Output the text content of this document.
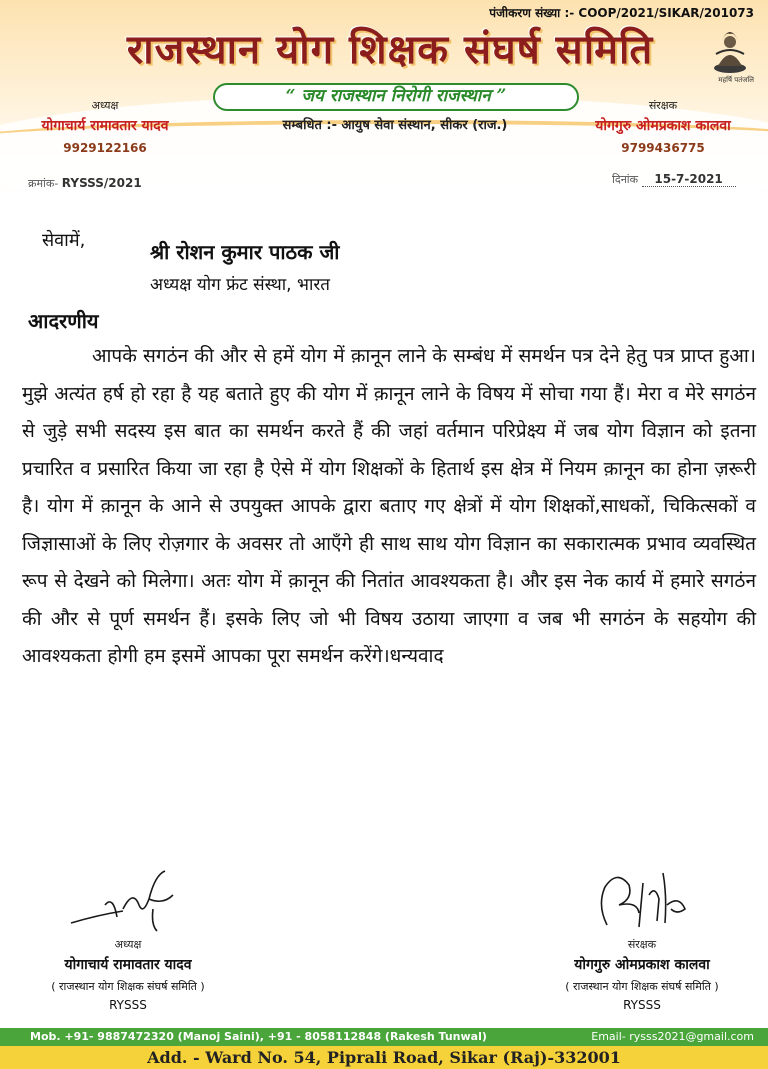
पंजीकरण संख्या :- COOP/2021/SIKAR/201073
राजस्थान योग शिक्षक संघर्ष समिति
महर्षि पतंजलि
“ जय राजस्थान निरोगी राजस्थान ”
सम्बधित :- आयुष सेवा संस्थान, सीकर (राज.)
अध्यक्ष
योगाचार्य रामावतार यादव
9929122166
संरक्षक
योगगुरु ओमप्रकाश कालवा
9799436775
क्रमांक- RYSSS/2021	दिनांक 15-7-2021
सेवामें,	श्री रोशन कुमार पाठक जी
अध्यक्ष योग फ्रंट संस्था, भारत
आदरणीय
आपके सगठंन की और से हमें योग में क़ानून लाने के सम्बंध में समर्थन पत्र देने हेतु पत्र प्राप्त हुआ। मुझे अत्यंत हर्ष हो रहा है यह बताते हुए की योग में क़ानून लाने के विषय में सोचा गया हैं। मेरा व मेरे सगठंन से जुड़े सभी सदस्य इस बात का समर्थन करते हैं की जहां वर्तमान परिप्रेक्ष्य में जब योग विज्ञान को इतना प्रचारित व प्रसारित किया जा रहा है ऐसे में योग शिक्षकों के हितार्थ इस क्षेत्र में नियम क़ानून का होना ज़रूरी है। योग में क़ानून के आने से उपयुक्त आपके द्वारा बताए गए क्षेत्रों में योग शिक्षकों,साधकों, चिकित्सकों व जिज्ञासाओं के लिए रोज़गार के अवसर तो आएँगे ही साथ साथ योग विज्ञान का सकारात्मक प्रभाव व्यवस्थित रूप से देखने को मिलेगा। अतः योग में क़ानून की नितांत आवश्यकता है। और इस नेक कार्य में हमारे सगठंन की और से पूर्ण समर्थन हैं। इसके लिए जो भी विषय उठाया जाएगा व जब भी सगठंन के सहयोग की आवश्यकता होगी हम इसमें आपका पूरा समर्थन करेंगे।धन्यवाद
अध्यक्ष
योगाचार्य रामावतार यादव
( राजस्थान योग शिक्षक संघर्ष समिति )
RYSSS
संरक्षक
योगगुरु ओमप्रकाश कालवा
( राजस्थान योग शिक्षक संघर्ष समिति )
RYSSS
Mob. +91- 9887472320 (Manoj Saini), +91 - 8058112848 (Rakesh Tunwal)	Email- rysss2021@gmail.com
Add. - Ward No. 54, Piprali Road, Sikar (Raj)-332001
